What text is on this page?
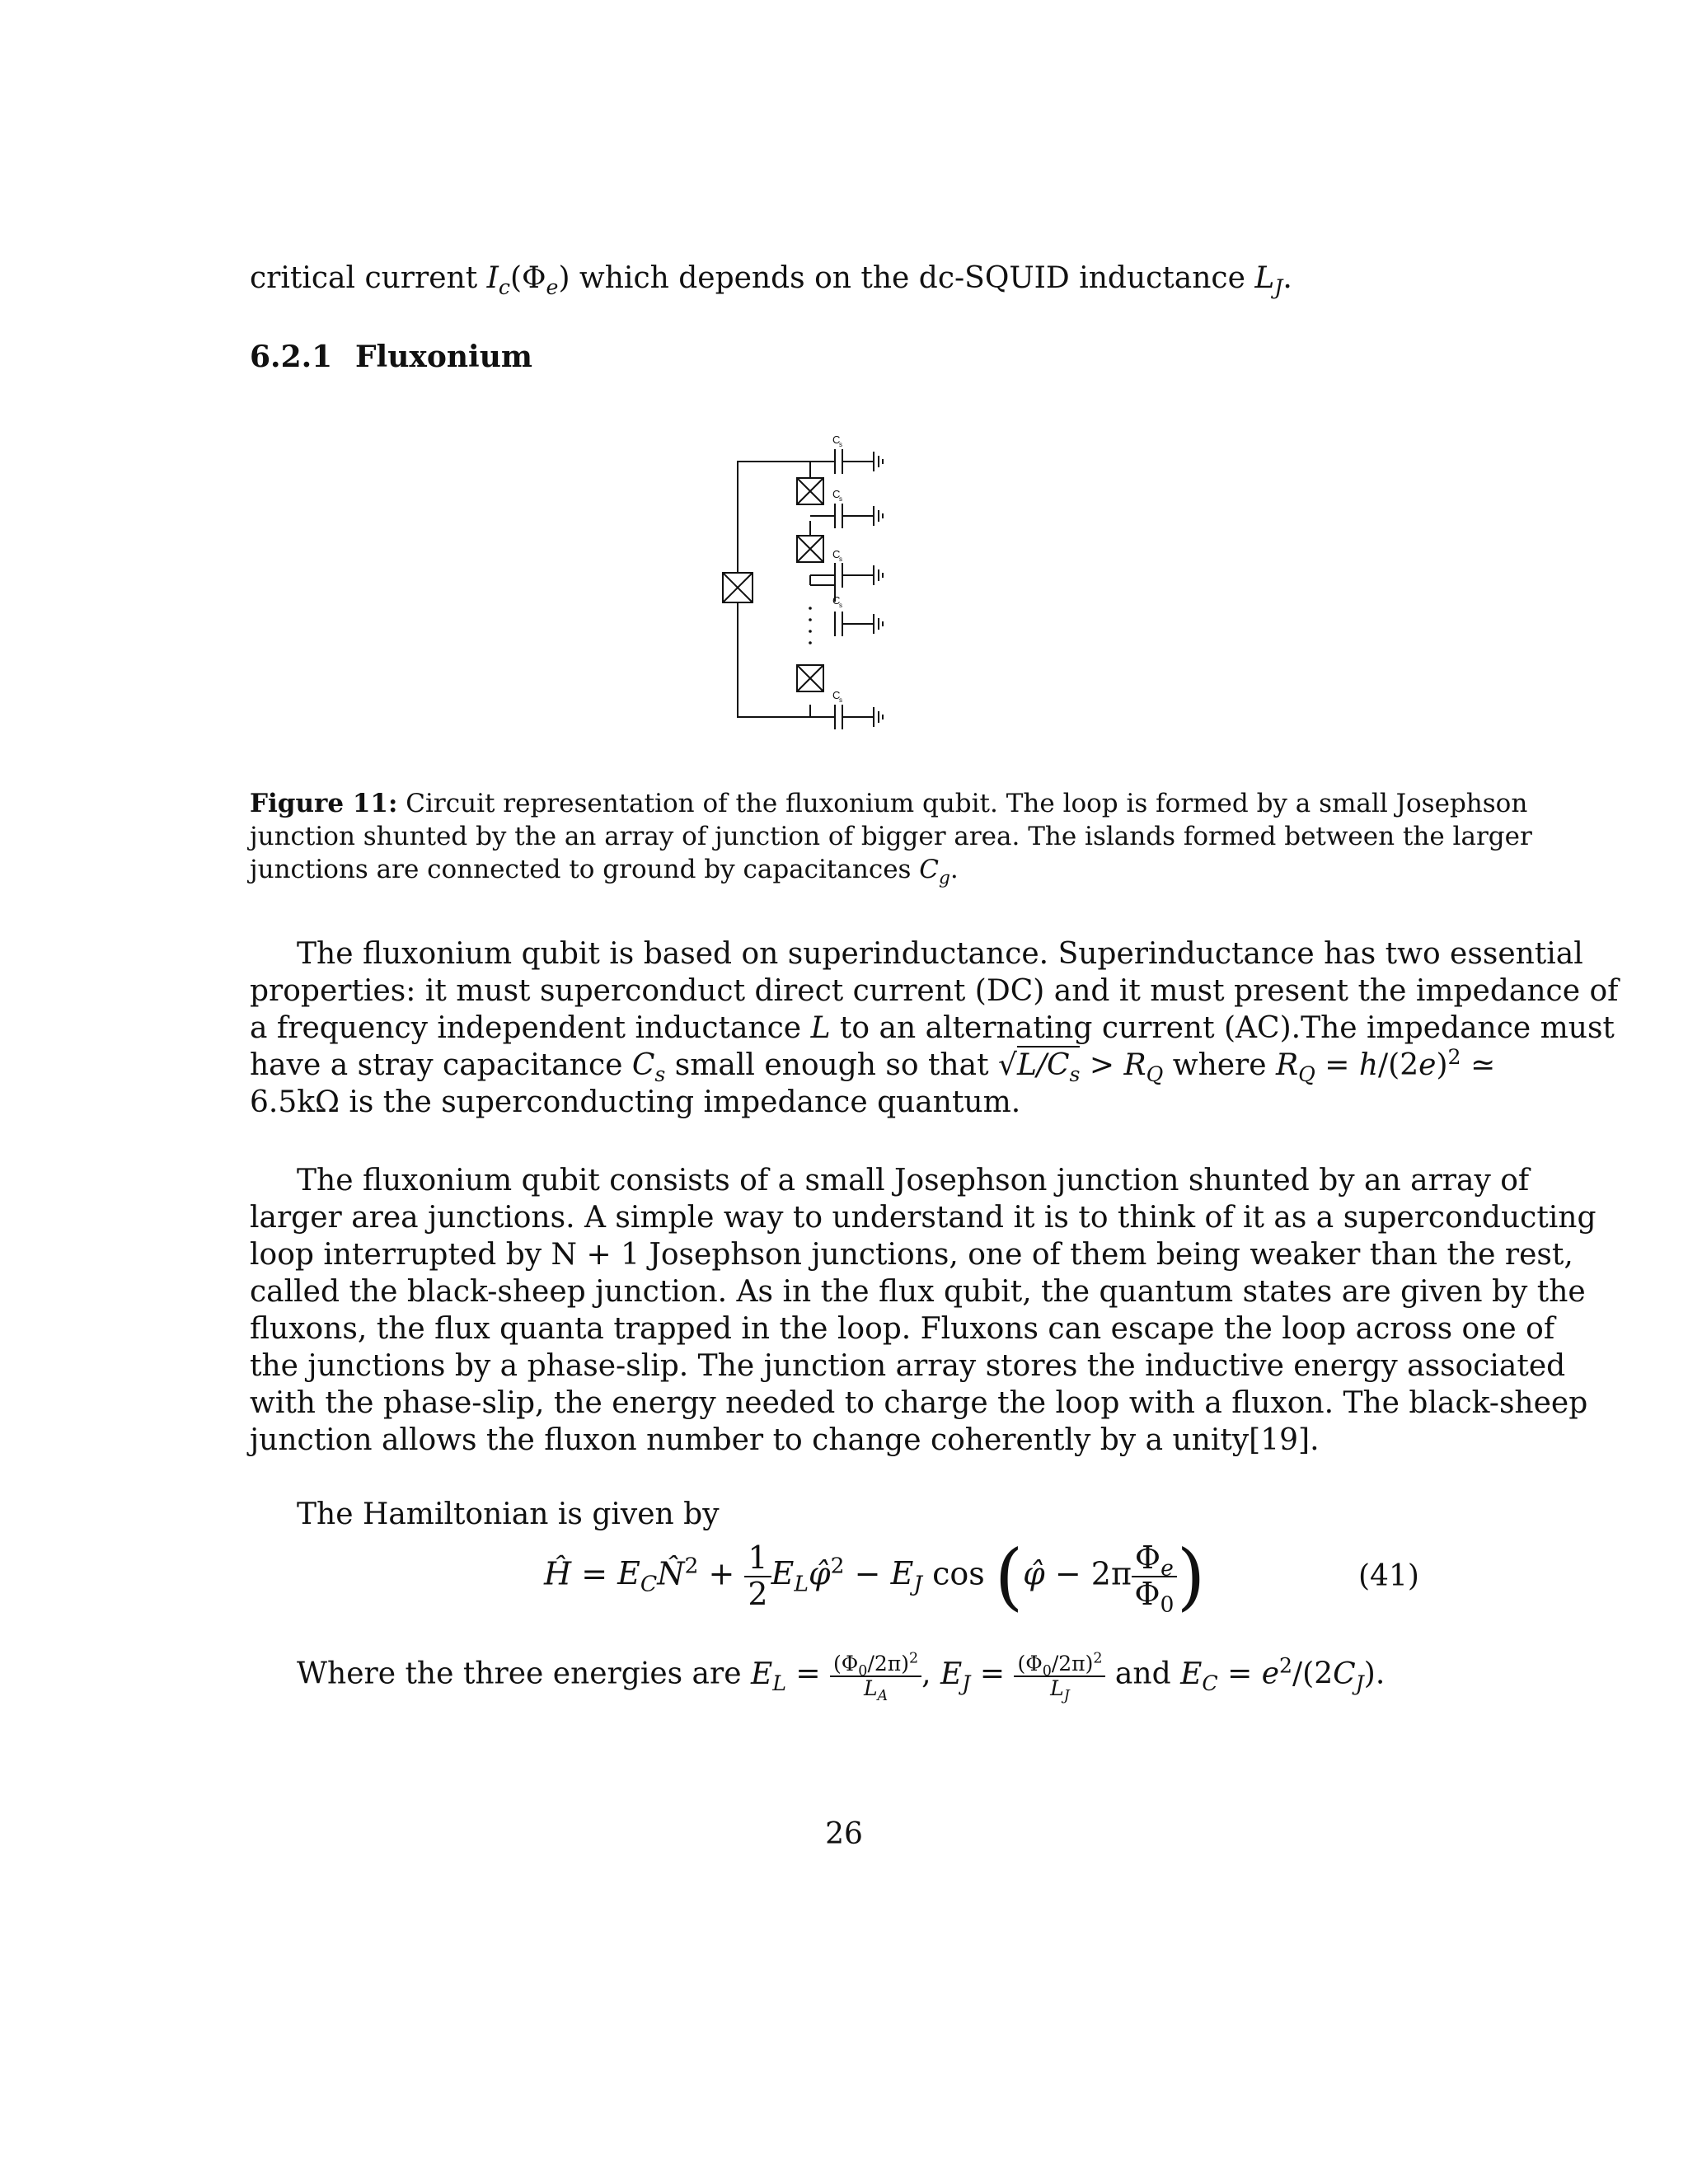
critical current $I_c(\Phi_e)$ which depends on the dc-SQUID inductance $L_J$.
6.2.1 Fluxonium
C
s
C
s
C
s
C
s
C
s
Figure 11: Circuit representation of the fluxonium qubit. The loop is formed by a small Josephson
junction shunted by the an array of junction of bigger area. The islands formed between the larger
junctions are connected to ground by capacitances $C_g$.
The fluxonium qubit is based on superinductance. Superinductance has two essential
properties: it must superconduct direct current (DC) and it must present the impedance of
a frequency independent inductance L to an alternating current (AC).The impedance must
have a stray capacitance $C_s$ small enough so that $√L/C_s > R_Q$ where $R_Q = h/(2e)^2$ ≃
6.5kΩ is the superconducting impedance quantum.
The fluxonium qubit consists of a small Josephson junction shunted by an array of
larger area junctions. A simple way to understand it is to think of it as a superconducting
loop interrupted by N + 1 Josephson junctions, one of them being weaker than the rest,
called the black-sheep junction. As in the flux qubit, the quantum states are given by the
fluxons, the flux quanta trapped in the loop. Fluxons can escape the loop across one of
the junctions by a phase-slip. The junction array stores the inductive energy associated
with the phase-slip, the energy needed to charge the loop with a fluxon. The black-sheep
junction allows the fluxon number to change coherently by a unity[19].
The Hamiltonian is given by
Ĥ = $E_CN̂^2 + \frac{1}{2}$ $E_L\varphî^2 - E_J$ cos (φ̂ − $2\pi \frac{\Phi_e}{\Phi_0}$ )	(41)
Where the three energies are $E_L = \frac{(\Phi_0/2\pi)^2}{L_A}$ , $E_J = \frac{(\Phi_0/2\pi)^2}{L_J}$ and $E_C = e^2/(2C_J)$.
26
